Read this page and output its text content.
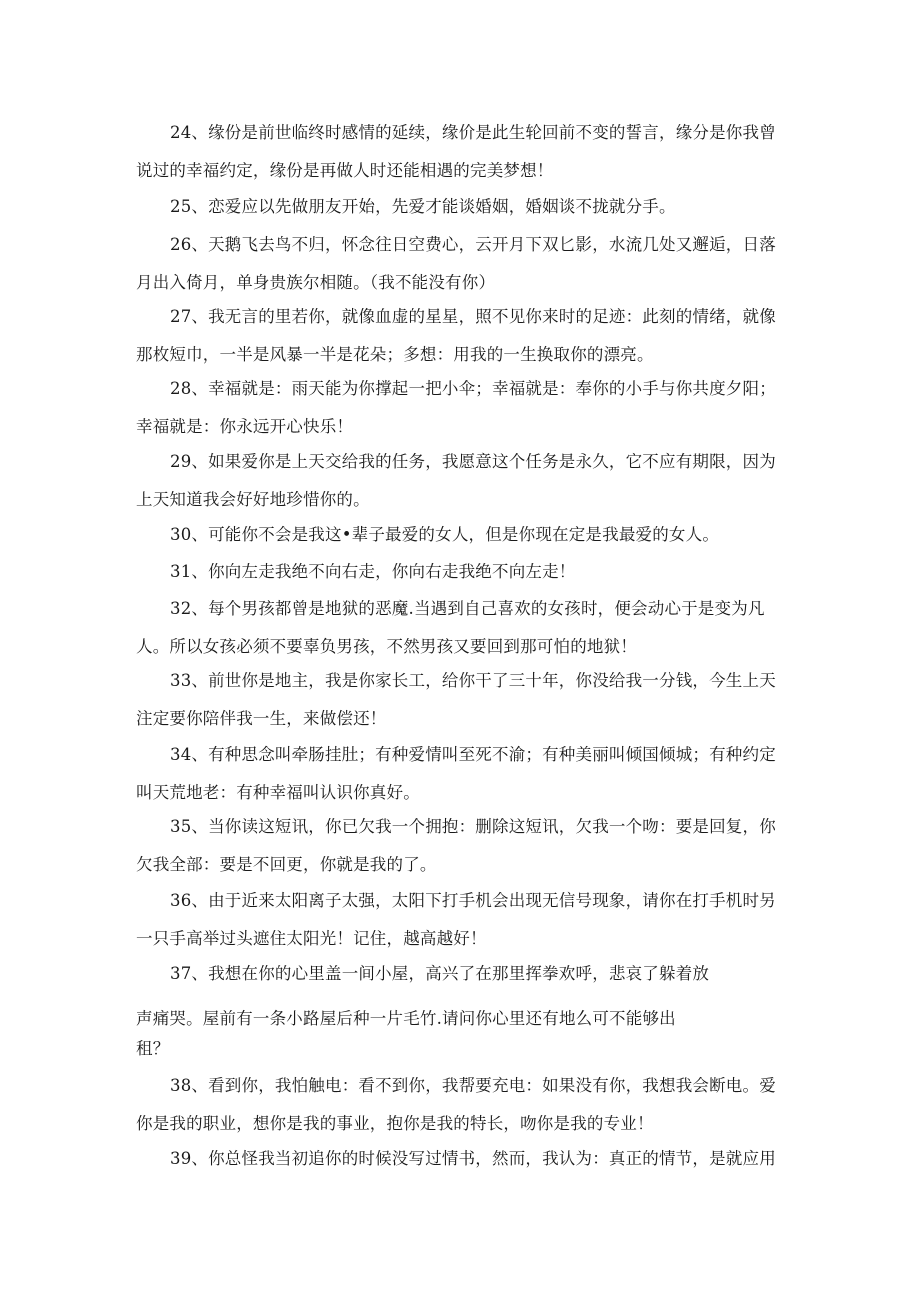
24、缘份是前世临终时感情的延续，缘价是此生轮回前不变的誓言，缘分是你我曾
说过的幸福约定，缘份是再做人时还能相遇的完美梦想！

25、恋爱应以先做朋友开始，先爱才能谈婚姻，婚姻谈不拢就分手。

26、天鹅飞去鸟不归，怀念往日空费心，云开月下双匕影，水流几处又邂逅，日落
月出入倚月，单身贵族尔相随。（我不能没有你）

27、我无言的里若你，就像血虚的星星，照不见你来时的足迹：此刻的情绪，就像
那枚短巾，一半是风暴一半是花朵；多想：用我的一生换取你的漂亮。

28、幸福就是：雨天能为你撑起一把小伞；幸福就是：奉你的小手与你共度夕阳；
幸福就是：你永远开心快乐！

29、如果爱你是上天交给我的任务，我愿意这个任务是永久，它不应有期限，因为
上天知道我会好好地珍惜你的。

30、可能你不会是我这•辈子最爱的女人，但是你现在定是我最爱的女人。

31、你向左走我绝不向右走，你向右走我绝不向左走！

32、每个男孩都曾是地狱的恶魔.当遇到自己喜欢的女孩时，便会动心于是变为凡
人。所以女孩必须不要辜负男孩，不然男孩又要回到那可怕的地狱！

33、前世你是地主，我是你家长工，给你干了三十年，你没给我一分钱，今生上天
注定要你陪伴我一生，来做偿还！

34、有种思念叫牵肠挂肚；有种爱情叫至死不渝；有种美丽叫倾国倾城；有种约定
叫天荒地老：有种幸福叫认识你真好。

35、当你读这短讯，你已欠我一个拥抱：删除这短讯，欠我一个吻：要是回复，你
欠我全部：要是不回更，你就是我的了。

36、由于近来太阳离子太强，太阳下打手机会出现无信号现象，请你在打手机时另
一只手高举过头遮住太阳光！记住，越高越好！

37、我想在你的心里盖一间小屋，高兴了在那里挥拳欢呼，悲哀了躲着放

声痛哭。屋前有一条小路屋后种一片毛竹.请问你心里还有地么可不能够出
租？

38、看到你，我怕触电：看不到你，我帮要充电：如果没有你，我想我会断电。爱
你是我的职业，想你是我的事业，抱你是我的特长，吻你是我的专业！

39、你总怪我当初追你的时候没写过情书，然而，我认为：真正的情节，是就应用
